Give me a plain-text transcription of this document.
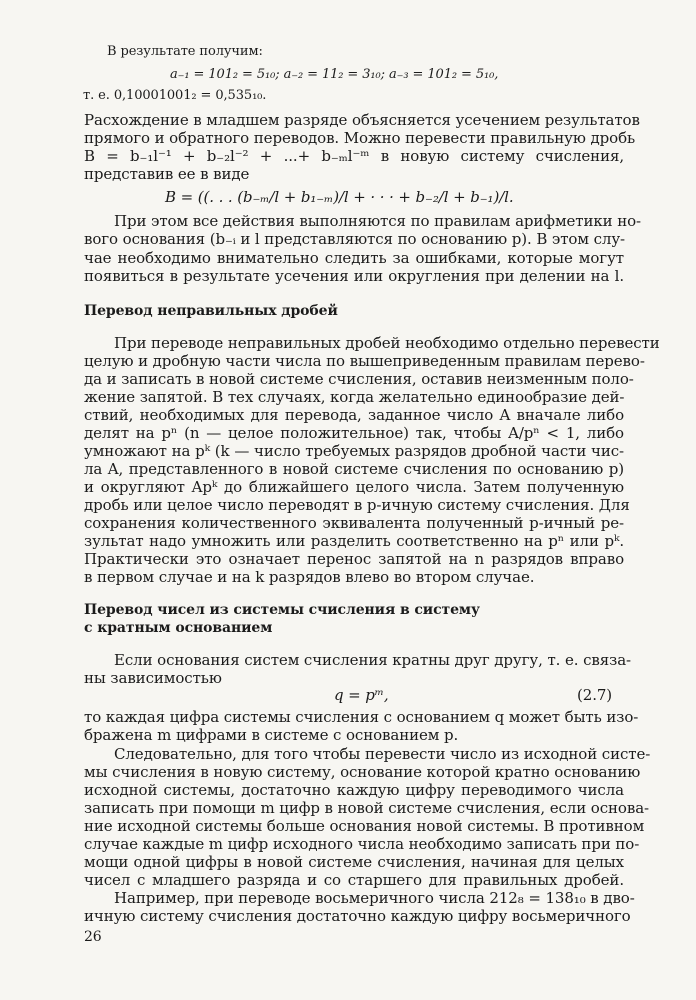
В результате получим:
a₋₁ = 101₂ = 5₁₀; a₋₂ = 11₂ = 3₁₀; a₋₃ = 101₂ = 5₁₀,
т. е. 0,10001001₂ = 0,535₁₀.
Расхождение в младшем разряде объясняется усечением результатов
прямого и обратного переводов. Можно перевести правильную дробь
B = b₋₁l⁻¹ + b₋₂l⁻² + ...+ b₋ₘl⁻ᵐ в новую систему счисления,
представив ее в виде
B = ((. . . (b₋ₘ/l + b₁₋ₘ)/l + · · · + b₋₂/l + b₋₁)/l.
При этом все действия выполняются по правилам арифметики но-
вого основания (b₋ᵢ и l представляются по основанию p). В этом слу-
чае необходимо внимательно следить за ошибками, которые могут
появиться в результате усечения или округления при делении на l.
Перевод неправильных дробей
При переводе неправильных дробей необходимо отдельно перевести
целую и дробную части числа по вышеприведенным правилам перево-
да и записать в новой системе счисления, оставив неизменным поло-
жение запятой. В тех случаях, когда желательно единообразие дей-
ствий, необходимых для перевода, заданное число A вначале либо
делят на pⁿ (n — целое положительное) так, чтобы A/pⁿ < 1, либо
умножают на pᵏ (k — число требуемых разрядов дробной части чис-
ла A, представленного в новой системе счисления по основанию p)
и округляют Apᵏ до ближайшего целого числа. Затем полученную
дробь или целое число переводят в p-ичную систему счисления. Для
сохранения количественного эквивалента полученный p-ичный ре-
зультат надо умножить или разделить соответственно на pⁿ или pᵏ.
Практически это означает перенос запятой на n разрядов вправо
в первом случае и на k разрядов влево во втором случае.
Перевод чисел из системы счисления в систему
с кратным основанием
Если основания систем счисления кратны друг другу, т. е. связа-
ны зависимостью
q = pᵐ,	(2.7)
то каждая цифра системы счисления с основанием q может быть изо-
бражена m цифрами в системе с основанием p.
Следовательно, для того чтобы перевести число из исходной систе-
мы счисления в новую систему, основание которой кратно основанию
исходной системы, достаточно каждую цифру переводимого числа
записать при помощи m цифр в новой системе счисления, если основа-
ние исходной системы больше основания новой системы. В противном
случае каждые m цифр исходного числа необходимо записать при по-
мощи одной цифры в новой системе счисления, начиная для целых
чисел с младшего разряда и со старшего для правильных дробей.
Например, при переводе восьмеричного числа 212₈ = 138₁₀ в дво-
ичную систему счисления достаточно каждую цифру восьмеричного
26
